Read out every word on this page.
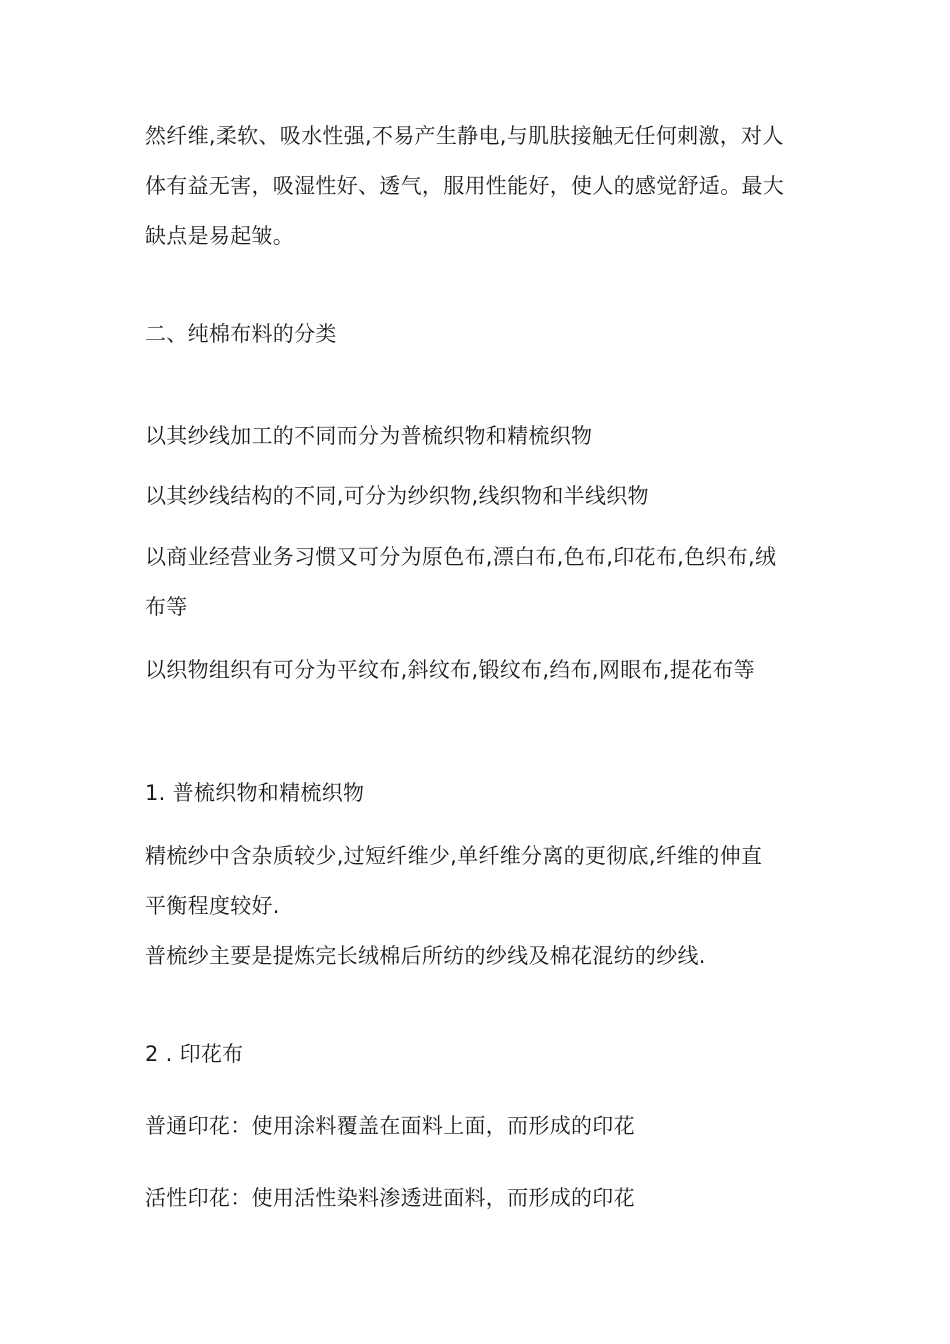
然纤维,柔软、吸水性强,不易产生静电,与肌肤接触无任何刺激，对人
体有益无害，吸湿性好、透气，服用性能好，使人的感觉舒适。最大
缺点是易起皱。
二、纯棉布料的分类
以其纱线加工的不同而分为普梳织物和精梳织物
以其纱线结构的不同,可分为纱织物,线织物和半线织物
以商业经营业务习惯又可分为原色布,漂白布,色布,印花布,色织布,绒
布等
以织物组织有可分为平纹布,斜纹布,锻纹布,绉布,网眼布,提花布等
1. 普梳织物和精梳织物
精梳纱中含杂质较少,过短纤维少,单纤维分离的更彻底,纤维的伸直
平衡程度较好.
普梳纱主要是提炼完长绒棉后所纺的纱线及棉花混纺的纱线.
2 . 印花布
普通印花：使用涂料覆盖在面料上面，而形成的印花
活性印花：使用活性染料渗透进面料，而形成的印花
